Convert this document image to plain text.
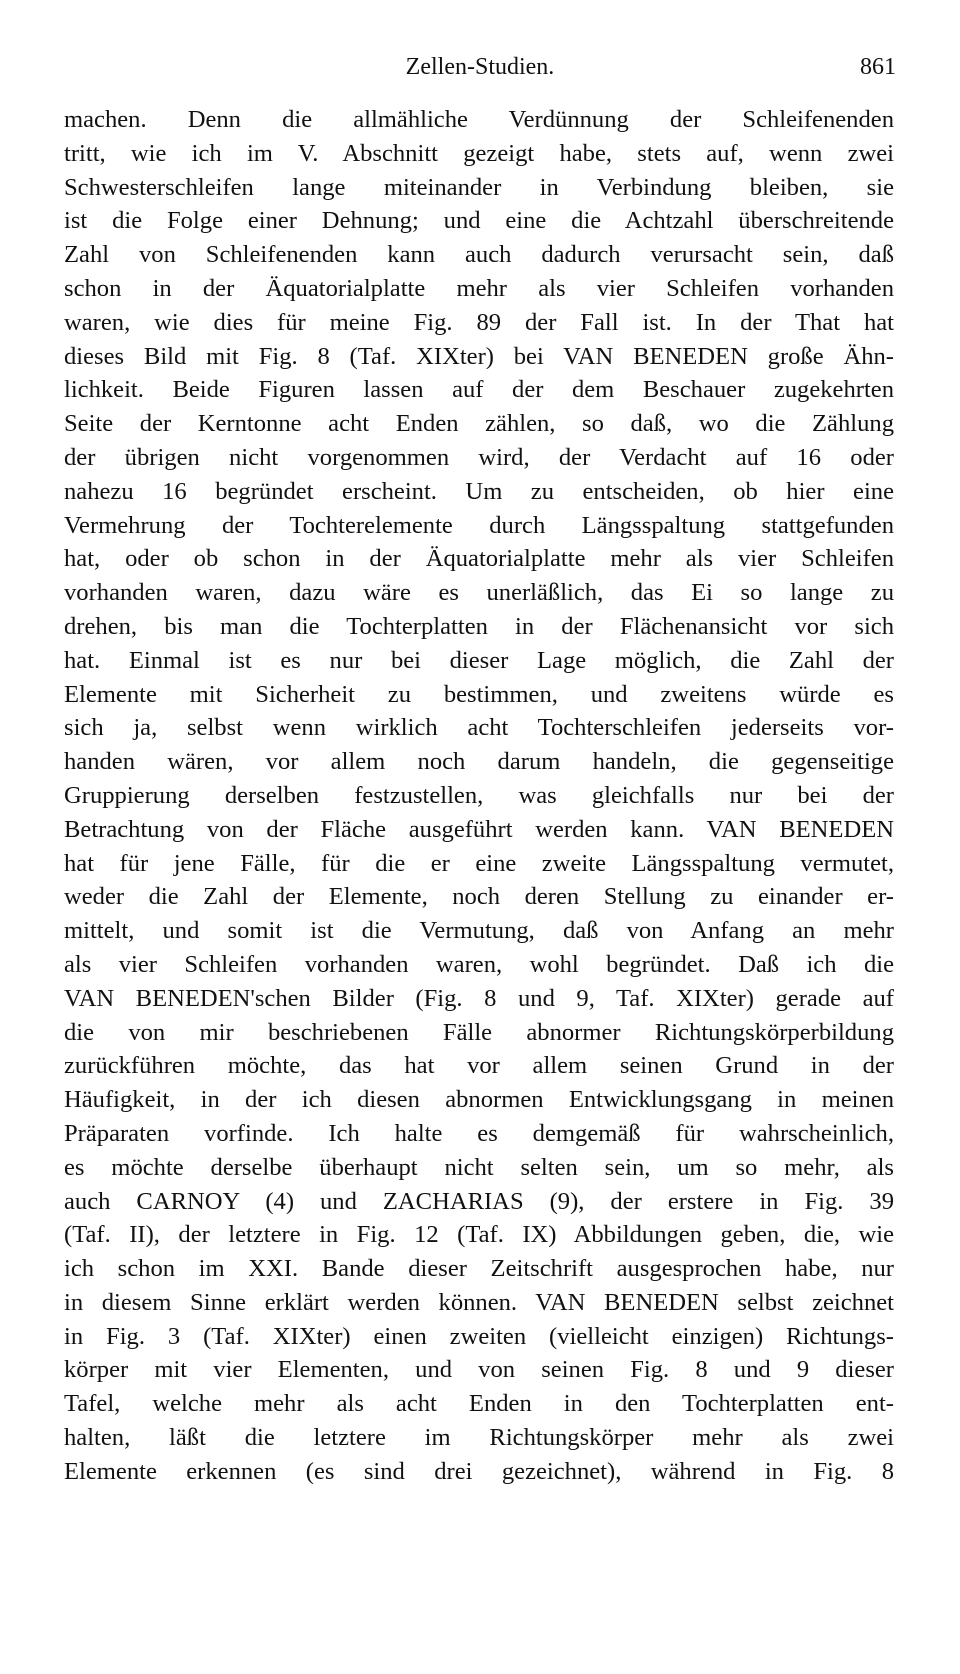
Zellen-Studien.	861
machen. Denn die allmähliche Verdünnung der Schleifenenden
tritt, wie ich im V. Abschnitt gezeigt habe, stets auf, wenn zwei
Schwesterschleifen lange miteinander in Verbindung bleiben, sie
ist die Folge einer Dehnung; und eine die Achtzahl überschreitende
Zahl von Schleifenenden kann auch dadurch verursacht sein, daß
schon in der Äquatorialplatte mehr als vier Schleifen vorhanden
waren, wie dies für meine Fig. 89 der Fall ist. In der That hat
dieses Bild mit Fig. 8 (Taf. XIXter) bei VAN BENEDEN große Ähn-
lichkeit. Beide Figuren lassen auf der dem Beschauer zugekehrten
Seite der Kerntonne acht Enden zählen, so daß, wo die Zählung
der übrigen nicht vorgenommen wird, der Verdacht auf 16 oder
nahezu 16 begründet erscheint. Um zu entscheiden, ob hier eine
Vermehrung der Tochterelemente durch Längsspaltung stattgefunden
hat, oder ob schon in der Äquatorialplatte mehr als vier Schleifen
vorhanden waren, dazu wäre es unerläßlich, das Ei so lange zu
drehen, bis man die Tochterplatten in der Flächenansicht vor sich
hat. Einmal ist es nur bei dieser Lage möglich, die Zahl der
Elemente mit Sicherheit zu bestimmen, und zweitens würde es
sich ja, selbst wenn wirklich acht Tochterschleifen jederseits vor-
handen wären, vor allem noch darum handeln, die gegenseitige
Gruppierung derselben festzustellen, was gleichfalls nur bei der
Betrachtung von der Fläche ausgeführt werden kann. VAN BENEDEN
hat für jene Fälle, für die er eine zweite Längsspaltung vermutet,
weder die Zahl der Elemente, noch deren Stellung zu einander er-
mittelt, und somit ist die Vermutung, daß von Anfang an mehr
als vier Schleifen vorhanden waren, wohl begründet. Daß ich die
VAN BENEDEN'schen Bilder (Fig. 8 und 9, Taf. XIXter) gerade auf
die von mir beschriebenen Fälle abnormer Richtungskörperbildung
zurückführen möchte, das hat vor allem seinen Grund in der
Häufigkeit, in der ich diesen abnormen Entwicklungsgang in meinen
Präparaten vorfinde. Ich halte es demgemäß für wahrscheinlich,
es möchte derselbe überhaupt nicht selten sein, um so mehr, als
auch CARNOY (4) und ZACHARIAS (9), der erstere in Fig. 39
(Taf. II), der letztere in Fig. 12 (Taf. IX) Abbildungen geben, die, wie
ich schon im XXI. Bande dieser Zeitschrift ausgesprochen habe, nur
in diesem Sinne erklärt werden können. VAN BENEDEN selbst zeichnet
in Fig. 3 (Taf. XIXter) einen zweiten (vielleicht einzigen) Richtungs-
körper mit vier Elementen, und von seinen Fig. 8 und 9 dieser
Tafel, welche mehr als acht Enden in den Tochterplatten ent-
halten, läßt die letztere im Richtungskörper mehr als zwei
Elemente erkennen (es sind drei gezeichnet), während in Fig. 8
